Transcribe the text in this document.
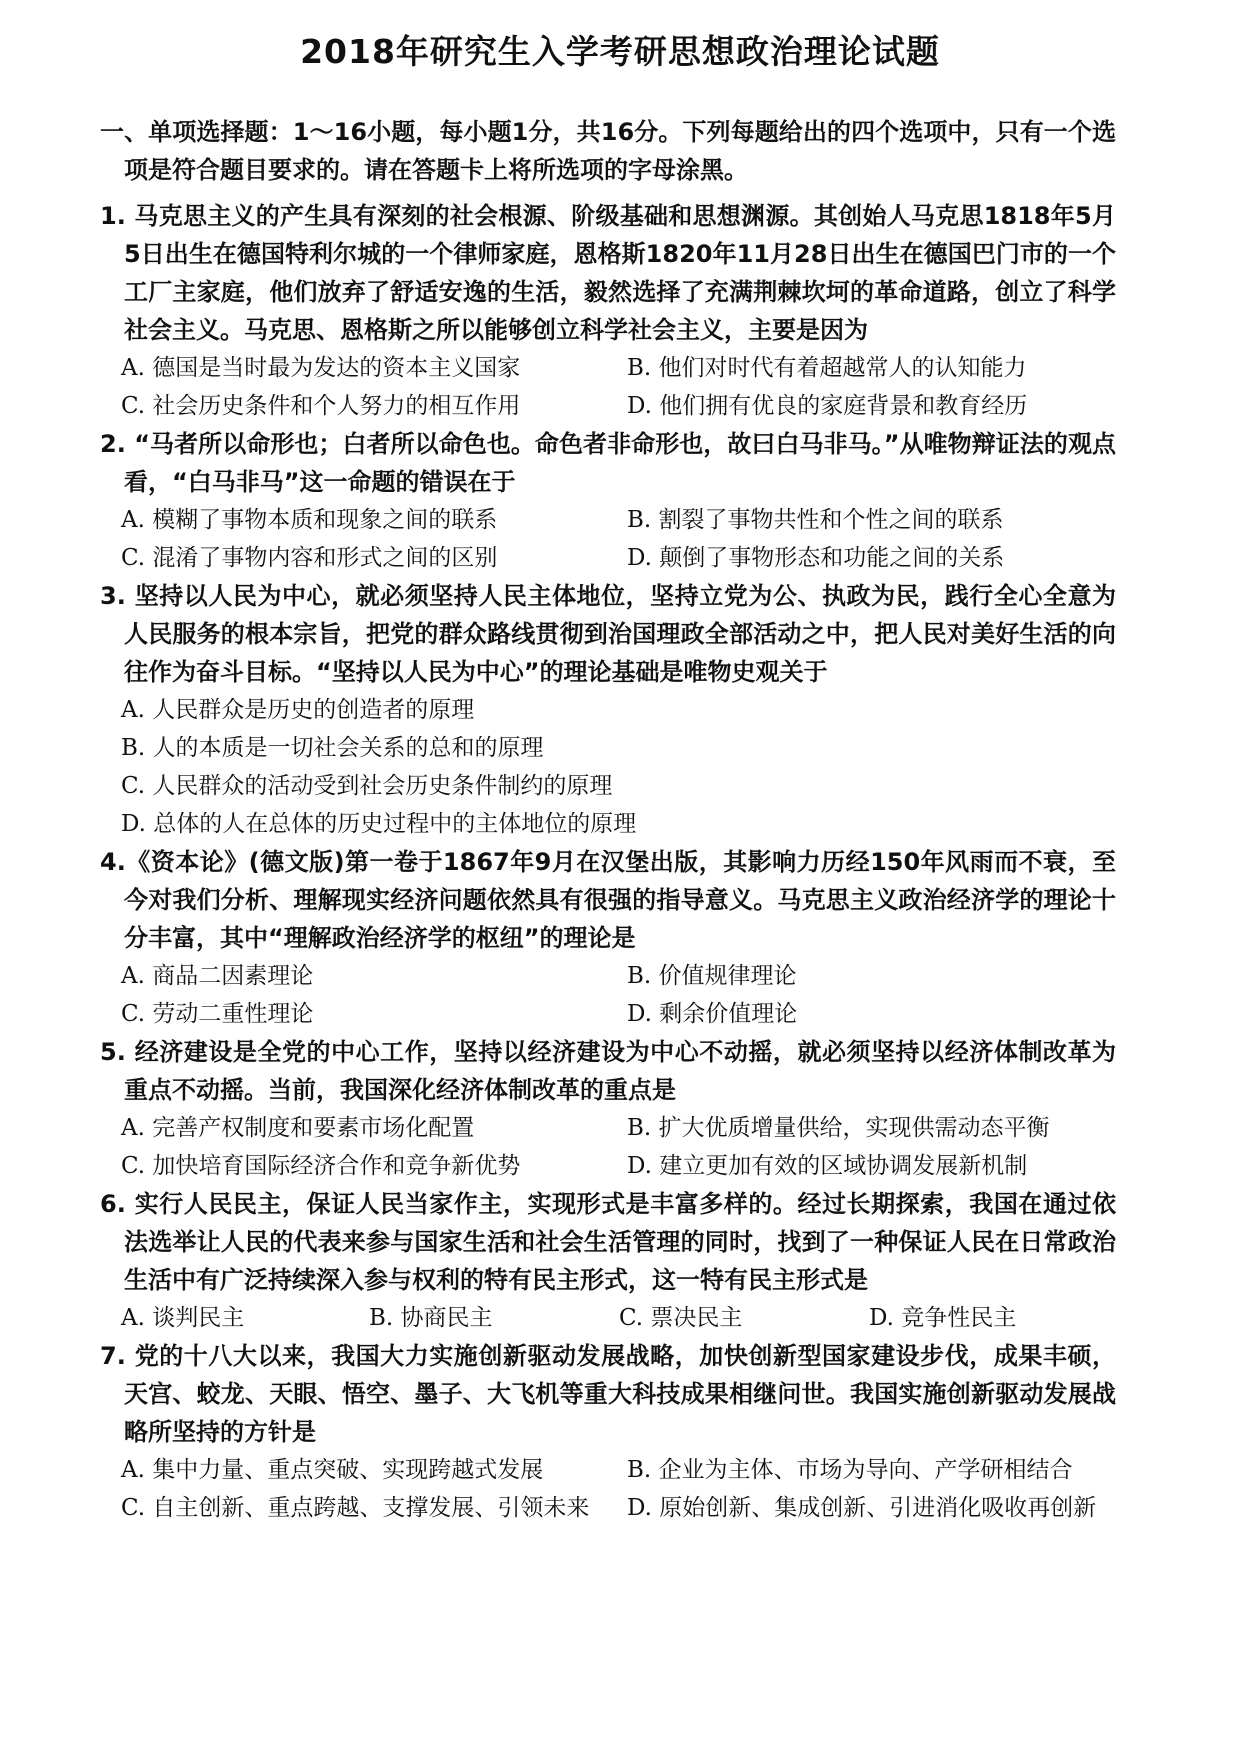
2018年研究生入学考研思想政治理论试题
一、单项选择题：1～16小题，每小题1分，共16分。下列每题给出的四个选项中，只有一个选项是符合题目要求的。请在答题卡上将所选项的字母涂黑。
1. 马克思主义的产生具有深刻的社会根源、阶级基础和思想渊源。其创始人马克思1818年5月5日出生在德国特利尔城的一个律师家庭，恩格斯1820年11月28日出生在德国巴门市的一个工厂主家庭，他们放弃了舒适安逸的生活，毅然选择了充满荆棘坎坷的革命道路，创立了科学社会主义。马克思、恩格斯之所以能够创立科学社会主义，主要是因为
A. 德国是当时最为发达的资本主义国家	B. 他们对时代有着超越常人的认知能力
C. 社会历史条件和个人努力的相互作用	D. 他们拥有优良的家庭背景和教育经历
2. “马者所以命形也；白者所以命色也。命色者非命形也，故曰白马非马。”从唯物辩证法的观点看，“白马非马”这一命题的错误在于
A. 模糊了事物本质和现象之间的联系	B. 割裂了事物共性和个性之间的联系
C. 混淆了事物内容和形式之间的区别	D. 颠倒了事物形态和功能之间的关系
3. 坚持以人民为中心，就必须坚持人民主体地位，坚持立党为公、执政为民，践行全心全意为人民服务的根本宗旨，把党的群众路线贯彻到治国理政全部活动之中，把人民对美好生活的向往作为奋斗目标。“坚持以人民为中心”的理论基础是唯物史观关于
A. 人民群众是历史的创造者的原理
B. 人的本质是一切社会关系的总和的原理
C. 人民群众的活动受到社会历史条件制约的原理
D. 总体的人在总体的历史过程中的主体地位的原理
4.《资本论》(德文版)第一卷于1867年9月在汉堡出版，其影响力历经150年风雨而不衰，至今对我们分析、理解现实经济问题依然具有很强的指导意义。马克思主义政治经济学的理论十分丰富，其中“理解政治经济学的枢纽”的理论是
A. 商品二因素理论	B. 价值规律理论
C. 劳动二重性理论	D. 剩余价值理论
5. 经济建设是全党的中心工作，坚持以经济建设为中心不动摇，就必须坚持以经济体制改革为重点不动摇。当前，我国深化经济体制改革的重点是
A. 完善产权制度和要素市场化配置	B. 扩大优质增量供给，实现供需动态平衡
C. 加快培育国际经济合作和竞争新优势	D. 建立更加有效的区域协调发展新机制
6. 实行人民民主，保证人民当家作主，实现形式是丰富多样的。经过长期探索，我国在通过依法选举让人民的代表来参与国家生活和社会生活管理的同时，找到了一种保证人民在日常政治生活中有广泛持续深入参与权利的特有民主形式，这一特有民主形式是
A. 谈判民主	B. 协商民主	C. 票决民主	D. 竞争性民主
7. 党的十八大以来，我国大力实施创新驱动发展战略，加快创新型国家建设步伐，成果丰硕，天宫、蛟龙、天眼、悟空、墨子、大飞机等重大科技成果相继问世。我国实施创新驱动发展战略所坚持的方针是
A. 集中力量、重点突破、实现跨越式发展	B. 企业为主体、市场为导向、产学研相结合
C. 自主创新、重点跨越、支撑发展、引领未来	D. 原始创新、集成创新、引进消化吸收再创新
